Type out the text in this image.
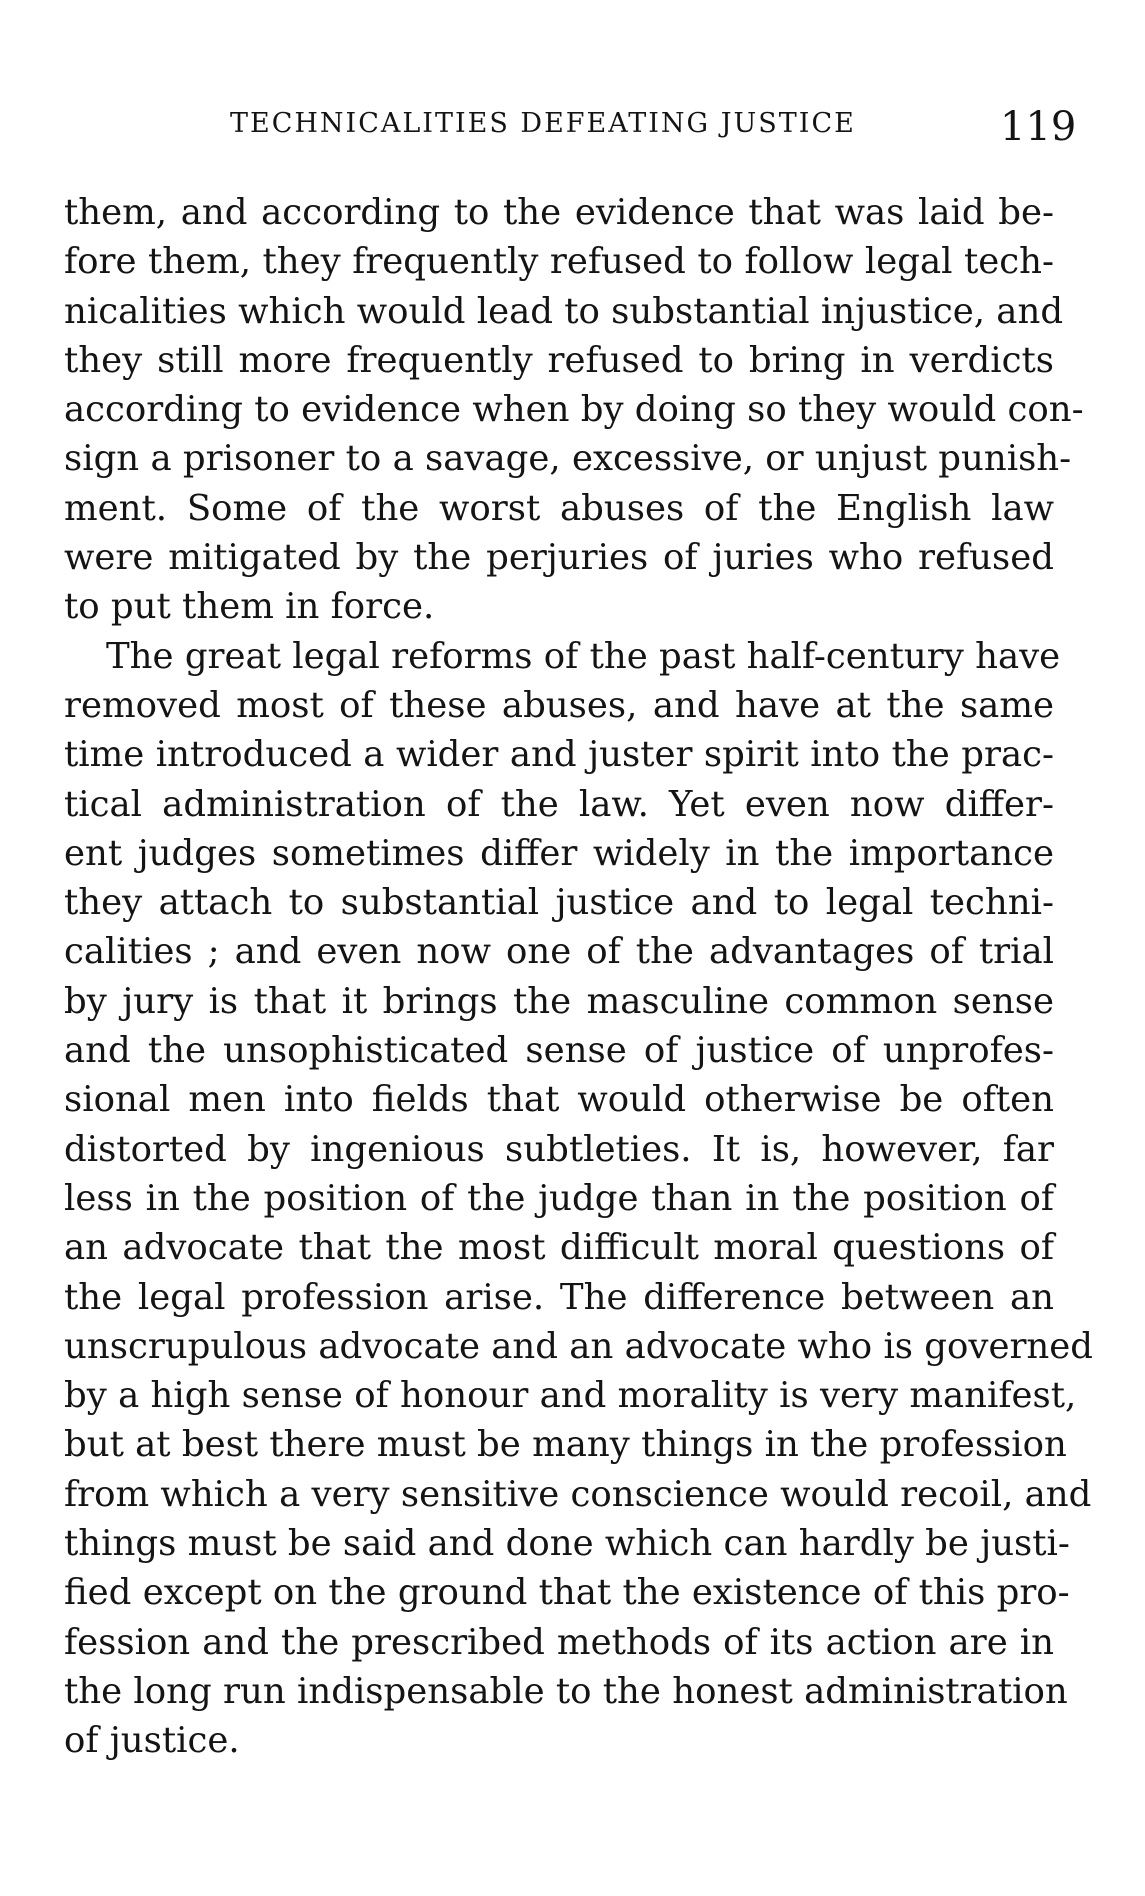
TECHNICALITIES DEFEATING JUSTICE	119
them, and according to the evidence that was laid be-
fore them, they frequently refused to follow legal tech-
nicalities which would lead to substantial injustice, and
they still more frequently refused to bring in verdicts
according to evidence when by doing so they would con-
sign a prisoner to a savage, excessive, or unjust punish-
ment. Some of the worst abuses of the English law
were mitigated by the perjuries of juries who refused
to put them in force.
The great legal reforms of the past half-century have
removed most of these abuses, and have at the same
time introduced a wider and juster spirit into the prac-
tical administration of the law. Yet even now differ-
ent judges sometimes differ widely in the importance
they attach to substantial justice and to legal techni-
calities ; and even now one of the advantages of trial
by jury is that it brings the masculine common sense
and the unsophisticated sense of justice of unprofes-
sional men into fields that would otherwise be often
distorted by ingenious subtleties. It is, however, far
less in the position of the judge than in the position of
an advocate that the most difficult moral questions of
the legal profession arise. The difference between an
unscrupulous advocate and an advocate who is governed
by a high sense of honour and morality is very manifest,
but at best there must be many things in the profession
from which a very sensitive conscience would recoil, and
things must be said and done which can hardly be justi-
fied except on the ground that the existence of this pro-
fession and the prescribed methods of its action are in
the long run indispensable to the honest administration
of justice.
